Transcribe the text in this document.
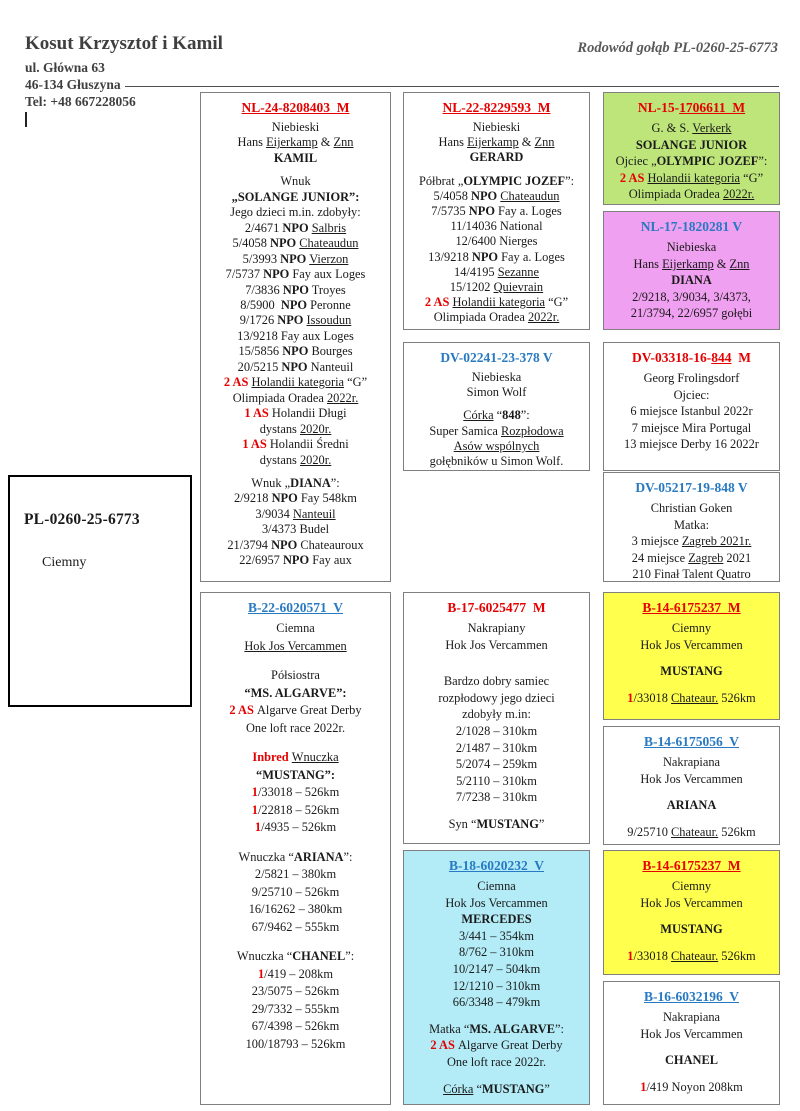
Kosut Krzysztof i Kamil
ul. Główna 63
46-134 Głuszyna
Tel: +48 667228056
Rodowód gołąb PL-0260-25-6773
PL-0260-25-6773
Ciemny
NL-24-8208403  M
Niebieski
Hans Eijerkamp & Znn
KAMIL
Wnuk
„SOLANGE JUNIOR”:
Jego dzieci m.in. zdobyły:
2/4671 NPO Salbris
5/4058 NPO Chateaudun
5/3993 NPO Vierzon
7/5737 NPO Fay aux Loges
7/3836 NPO Troyes
8/5900  NPO Peronne
9/1726 NPO Issoudun
13/9218 Fay aux Loges
15/5856 NPO Bourges
20/5215 NPO Nanteuil
2 AS Holandii kategoria “G”
Olimpiada Oradea 2022r.
1 AS Holandii Długi
dystans 2020r.
1 AS Holandii Średni
dystans 2020r.
Wnuk „DIANA”:
2/9218 NPO Fay 548km
3/9034 Nanteuil
3/4373 Budel
21/3794 NPO Chateauroux
22/6957 NPO Fay aux
B-22-6020571  V
Ciemna
Hok Jos Vercammen
Półsiostra
“MS. ALGARVE”:
2 AS Algarve Great Derby
One loft race 2022r.
Inbred Wnuczka
“MUSTANG”:
1/33018 – 526km
1/22818 – 526km
1/4935 – 526km
Wnuczka “ARIANA”:
2/5821 – 380km
9/25710 – 526km
16/16262 – 380km
67/9462 – 555km
Wnuczka “CHANEL”:
1/419 – 208km
23/5075 – 526km
29/7332 – 555km
67/4398 – 526km
100/18793 – 526km
NL-22-8229593  M
Niebieski
Hans Eijerkamp & Znn
GERARD
Półbrat „OLYMPIC JOZEF”:
5/4058 NPO Chateaudun
7/5735 NPO Fay a. Loges
11/14036 National
12/6400 Nierges
13/9218 NPO Fay a. Loges
14/4195 Sezanne
15/1202 Quievrain
2 AS Holandii kategoria “G”
Olimpiada Oradea 2022r.
DV-02241-23-378 V
Niebieska
Simon Wolf
Córka “848”:
Super Samica Rozpłodowa
Asów wspólnych
gołębników u Simon Wolf.
B-17-6025477  M
Nakrapiany
Hok Jos Vercammen
Bardzo dobry samiec
rozpłodowy jego dzieci
zdobyły m.in:
2/1028 – 310km
2/1487 – 310km
5/2074 – 259km
5/2110 – 310km
7/7238 – 310km
Syn “MUSTANG”
B-18-6020232  V
Ciemna
Hok Jos Vercammen
MERCEDES
3/441 – 354km
8/762 – 310km
10/2147 – 504km
12/1210 – 310km
66/3348 – 479km
Matka “MS. ALGARVE”:
2 AS Algarve Great Derby
One loft race 2022r.
Córka “MUSTANG”
NL-15-1706611  M
G. & S. Verkerk
SOLANGE JUNIOR
Ojciec „OLYMPIC JOZEF”:
2 AS Holandii kategoria “G”
Olimpiada Oradea 2022r.
NL-17-1820281 V
Niebieska
Hans Eijerkamp & Znn
DIANA
2/9218, 3/9034, 3/4373,
21/3794, 22/6957 gołębi
DV-03318-16-844  M
Georg Frolingsdorf
Ojciec:
6 miejsce Istanbul 2022r
7 miejsce Mira Portugal
13 miejsce Derby 16 2022r
DV-05217-19-848 V
Christian Goken
Matka:
3 miejsce Zagreb 2021r.
24 miejsce Zagreb 2021
210 Finał Talent Quatro
B-14-6175237  M
Ciemny
Hok Jos Vercammen
MUSTANG
1/33018 Chateaur. 526km
B-14-6175056  V
Nakrapiana
Hok Jos Vercammen
ARIANA
9/25710 Chateaur. 526km
B-14-6175237  M
Ciemny
Hok Jos Vercammen
MUSTANG
1/33018 Chateaur. 526km
B-16-6032196  V
Nakrapiana
Hok Jos Vercammen
CHANEL
1/419 Noyon 208km
